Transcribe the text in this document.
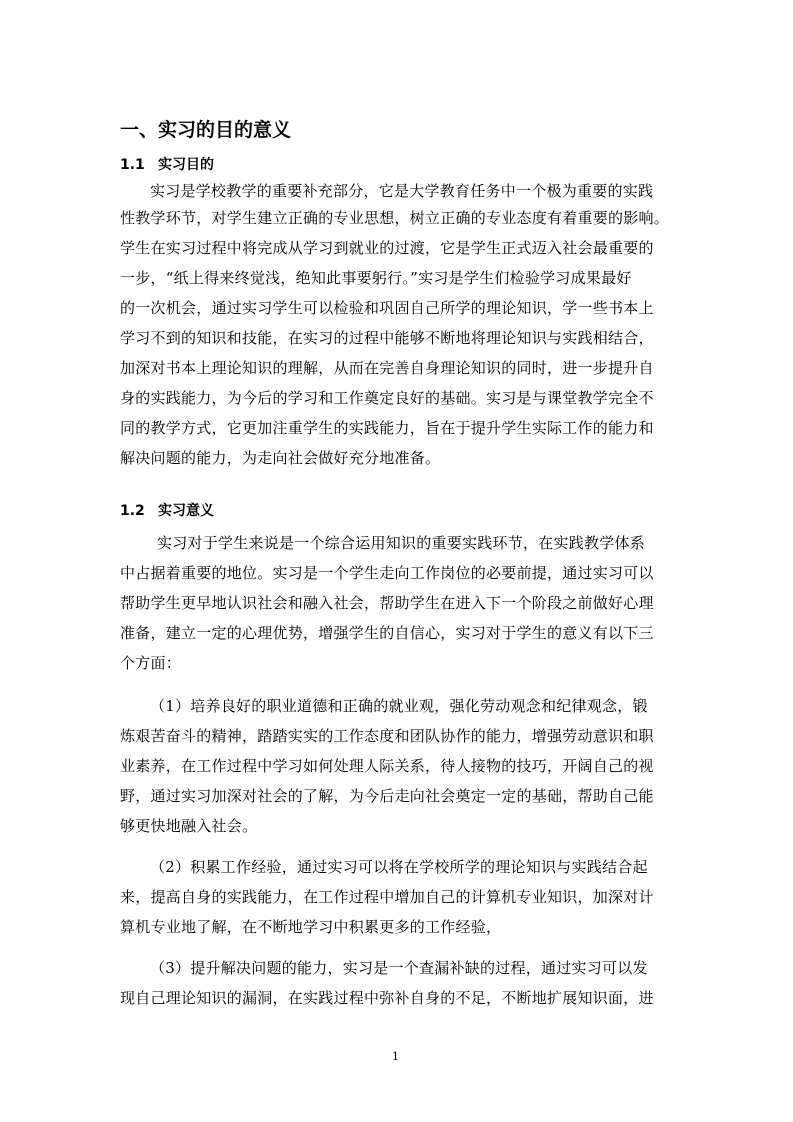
一、实习的目的意义
1.1 实习目的
实习是学校教学的重要补充部分，它是大学教育任务中一个极为重要的实践
性教学环节，对学生建立正确的专业思想，树立正确的专业态度有着重要的影响。
学生在实习过程中将完成从学习到就业的过渡，它是学生正式迈入社会最重要的
一步，“纸上得来终觉浅，绝知此事要躬行。”实习是学生们检验学习成果最好
的一次机会，通过实习学生可以检验和巩固自己所学的理论知识，学一些书本上
学习不到的知识和技能，在实习的过程中能够不断地将理论知识与实践相结合，
加深对书本上理论知识的理解，从而在完善自身理论知识的同时，进一步提升自
身的实践能力，为今后的学习和工作奠定良好的基础。实习是与课堂教学完全不
同的教学方式，它更加注重学生的实践能力，旨在于提升学生实际工作的能力和
解决问题的能力，为走向社会做好充分地准备。
1.2 实习意义
实习对于学生来说是一个综合运用知识的重要实践环节，在实践教学体系
中占据着重要的地位。实习是一个学生走向工作岗位的必要前提，通过实习可以
帮助学生更早地认识社会和融入社会，帮助学生在进入下一个阶段之前做好心理
准备，建立一定的心理优势，增强学生的自信心，实习对于学生的意义有以下三
个方面：
（1）培养良好的职业道德和正确的就业观，强化劳动观念和纪律观念，锻
炼艰苦奋斗的精神，踏踏实实的工作态度和团队协作的能力，增强劳动意识和职
业素养，在工作过程中学习如何处理人际关系，待人接物的技巧，开阔自己的视
野，通过实习加深对社会的了解，为今后走向社会奠定一定的基础，帮助自己能
够更快地融入社会。
（2）积累工作经验，通过实习可以将在学校所学的理论知识与实践结合起
来，提高自身的实践能力，在工作过程中增加自己的计算机专业知识，加深对计
算机专业地了解，在不断地学习中积累更多的工作经验，
（3）提升解决问题的能力，实习是一个查漏补缺的过程，通过实习可以发
现自己理论知识的漏洞，在实践过程中弥补自身的不足，不断地扩展知识面，进
1
